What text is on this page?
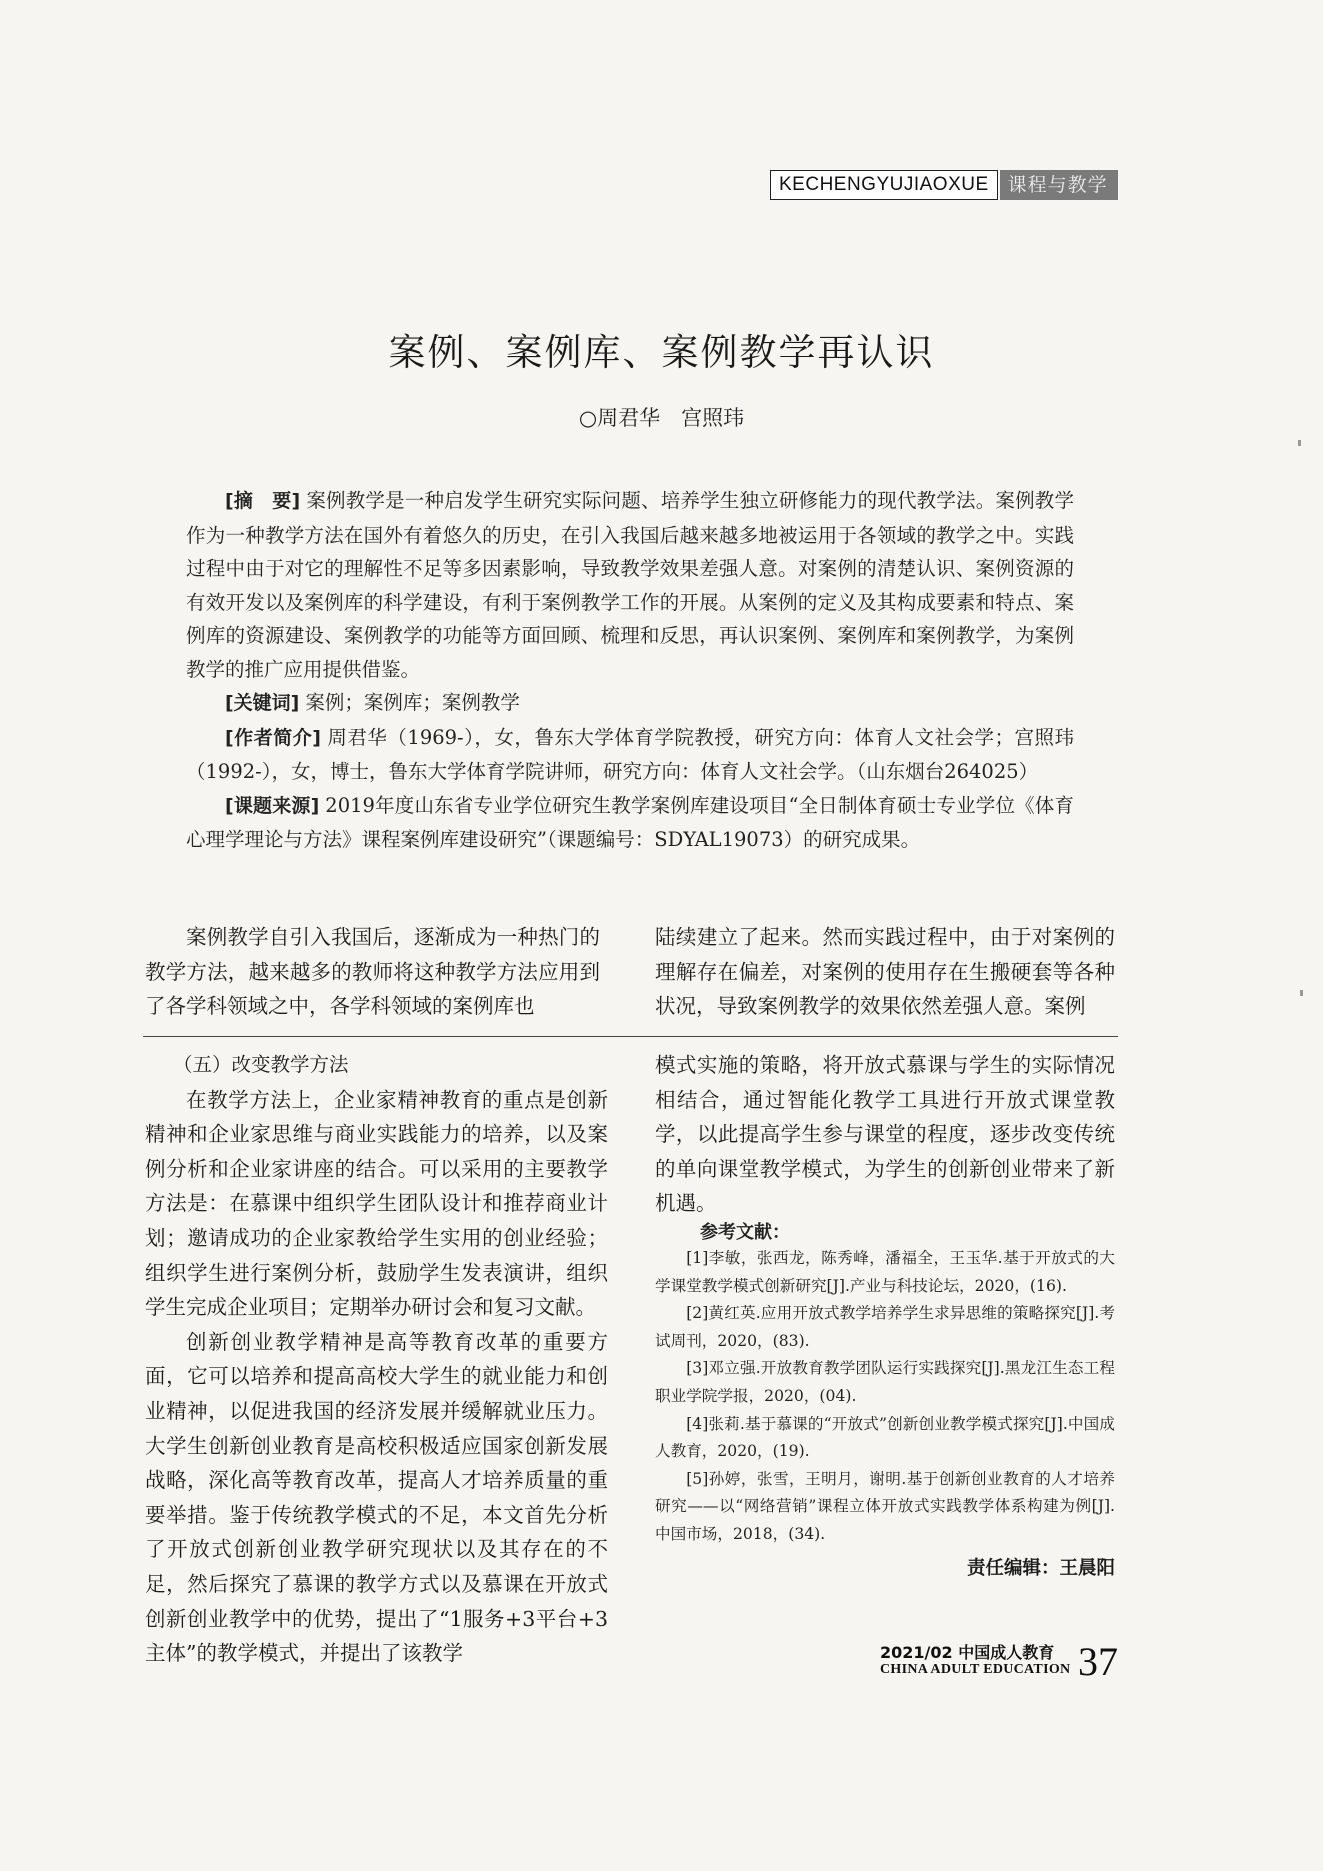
KECHENGYUJIAOXUE	课程与教学
案例、案例库、案例教学再认识
○周君华　宫照玮

[摘　要] 案例教学是一种启发学生研究实际问题、培养学生独立研修能力的现代教学法。案例教学作为一种教学方法在国外有着悠久的历史，在引入我国后越来越多地被运用于各领域的教学之中。实践过程中由于对它的理解性不足等多因素影响，导致教学效果差强人意。对案例的清楚认识、案例资源的有效开发以及案例库的科学建设，有利于案例教学工作的开展。从案例的定义及其构成要素和特点、案例库的资源建设、案例教学的功能等方面回顾、梳理和反思，再认识案例、案例库和案例教学，为案例教学的推广应用提供借鉴。

[关键词] 案例；案例库；案例教学

[作者简介] 周君华（1969-），女，鲁东大学体育学院教授，研究方向：体育人文社会学；宫照玮（1992-），女，博士，鲁东大学体育学院讲师，研究方向：体育人文社会学。（山东烟台264025）

[课题来源] 2019年度山东省专业学位研究生教学案例库建设项目“全日制体育硕士专业学位《体育心理学理论与方法》课程案例库建设研究”（课题编号：SDYAL19073）的研究成果。

案例教学自引入我国后，逐渐成为一种热门的教学方法，越来越多的教师将这种教学方法应用到了各学科领域之中，各学科领域的案例库也

陆续建立了起来。然而实践过程中，由于对案例的理解存在偏差，对案例的使用存在生搬硬套等各种状况，导致案例教学的效果依然差强人意。案例

（五）改变教学方法

在教学方法上，企业家精神教育的重点是创新精神和企业家思维与商业实践能力的培养，以及案例分析和企业家讲座的结合。可以采用的主要教学方法是：在慕课中组织学生团队设计和推荐商业计划；邀请成功的企业家教给学生实用的创业经验；组织学生进行案例分析，鼓励学生发表演讲，组织学生完成企业项目；定期举办研讨会和复习文献。

创新创业教学精神是高等教育改革的重要方面，它可以培养和提高高校大学生的就业能力和创业精神，以促进我国的经济发展并缓解就业压力。大学生创新创业教育是高校积极适应国家创新发展战略，深化高等教育改革，提高人才培养质量的重要举措。鉴于传统教学模式的不足，本文首先分析了开放式创新创业教学研究现状以及其存在的不足，然后探究了慕课的教学方式以及慕课在开放式创新创业教学中的优势，提出了“1服务+3平台+3主体”的教学模式，并提出了该教学

模式实施的策略，将开放式慕课与学生的实际情况相结合，通过智能化教学工具进行开放式课堂教学，以此提高学生参与课堂的程度，逐步改变传统的单向课堂教学模式，为学生的创新创业带来了新机遇。

参考文献：

[1]李敏，张西龙，陈秀峰，潘福全，王玉华.基于开放式的大学课堂教学模式创新研究[J].产业与科技论坛，2020，(16).

[2]黄红英.应用开放式教学培养学生求异思维的策略探究[J].考试周刊，2020，(83).

[3]邓立强.开放教育教学团队运行实践探究[J].黑龙江生态工程职业学院学报，2020，(04).

[4]张莉.基于慕课的“开放式”创新创业教学模式探究[J].中国成人教育，2020，(19).

[5]孙婷，张雪，王明月，谢明.基于创新创业教育的人才培养研究——以“网络营销”课程立体开放式实践教学体系构建为例[J].中国市场，2018，(34).

责任编辑：王晨阳
2021/02 中国成人教育
CHINA ADULT EDUCATION 37
